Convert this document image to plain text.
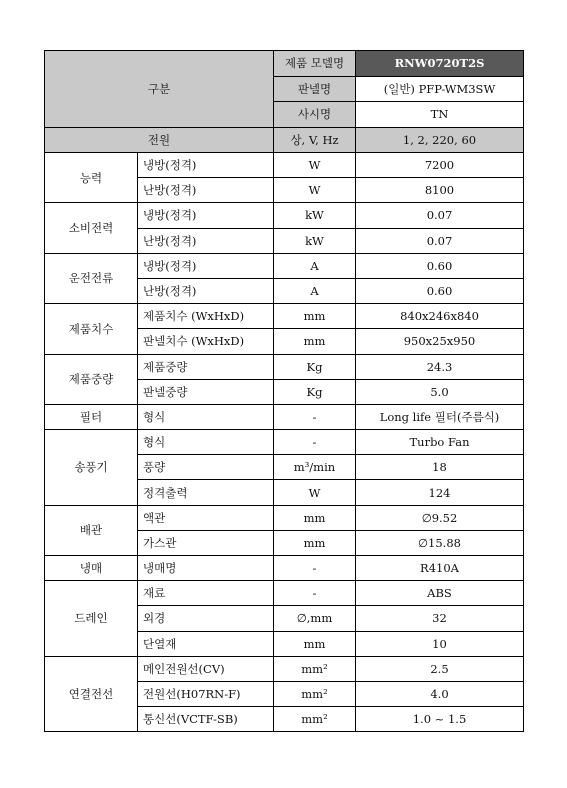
구분		제품 모델명	RNW0720T2S
		판넬명	(일반) PFP-WM3SW
		사시명	TN
전원		상, V, Hz	1, 2, 220, 60
능력	냉방(정격)	W	7200
	난방(정격)	W	8100
소비전력	냉방(정격)	kW	0.07
	난방(정격)	kW	0.07
운전전류	냉방(정격)	A	0.60
	난방(정격)	A	0.60
제품치수	제품치수 (WxHxD)	mm	840x246x840
	판넬치수 (WxHxD)	mm	950x25x950
제품중량	제품중량	Kg	24.3
	판넬중량	Kg	5.0
필터	형식	-	Long life 필터(주름식)
송풍기	형식	-	Turbo Fan
	풍량	m³/min	18
	정격출력	W	124
배관	액관	mm	∅9.52
	가스관	mm	∅15.88
냉매	냉매명	-	R410A
드레인	재료	-	ABS
	외경	∅,mm	32
	단열재	mm	10
연결전선	메인전원선(CV)	mm²	2.5
	전원선(H07RN-F)	mm²	4.0
	통신선(VCTF-SB)	mm²	1.0 ~ 1.5
